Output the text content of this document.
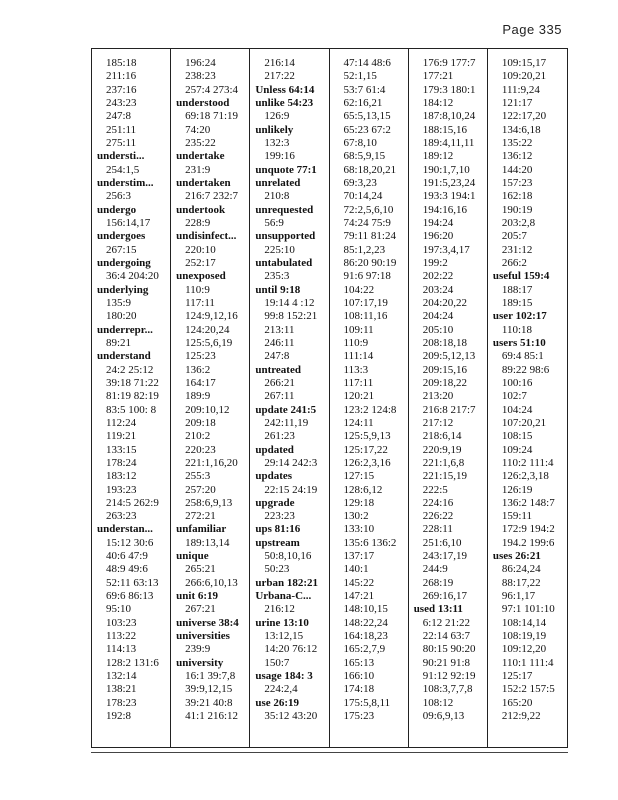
Page 335
185:18
211:16
237:16
243:23
247:8
251:11
275:11
understi...
254:1,5
understim...
256:3
undergo
156:14,17
undergoes
267:15
undergoing
36:4 204:20
underlying
135:9
180:20
underrepr...
89:21
understand
24:2 25:12
39:18 71:22
81:19 82:19
83:5 100: 8
112:24
119:21
133:15
178:24
183:12
193:23
214:5 262:9
263:23
understan...
15:12 30:6
40:6 47:9
48:9 49:6
52:11 63:13
69:6 86:13
95:10
103:23
113:22
114:13
128:2 131:6
132:14
138:21
178:23
192:8
196:24
238:23
257:4 273:4
understood
69:18 71:19
74:20
235:22
undertake
231:9
undertaken
216:7 232:7
undertook
228:9
undisinfect...
220:10
252:17
unexposed
110:9
117:11
124:9,12,16
124:20,24
125:5,6,19
125:23
136:2
164:17
189:9
209:10,12
209:18
210:2
220:23
221:1,16,20
255:3
257:20
258:6,9,13
272:21
unfamiliar
189:13,14
unique
265:21
266:6,10,13
unit 6:19
267:21
universe 38:4
universities
239:9
university
16:1 39:7,8
39:9,12,15
39:21 40:8
41:1 216:12
216:14
217:22
Unless 64:14
unlike 54:23
126:9
unlikely
132:3
199:16
unquote 77:1
unrelated
210:8
unrequested
56:9
unsupported
225:10
untabulated
235:3
until 9:18
19:14 4 :12
99:8 152:21
213:11
246:11
247:8
untreated
266:21
267:11
update 241:5
242:11,19
261:23
updated
29:14 242:3
updates
22:15 24:19
upgrade
223:23
ups 81:16
upstream
50:8,10,16
50:23
urban 182:21
Urbana-C...
216:12
urine 13:10
13:12,15
14:20 76:12
150:7
usage 184: 3
224:2,4
use 26:19
35:12 43:20
47:14 48:6
52:1,15
53:7 61:4
62:16,21
65:5,13,15
65:23 67:2
67:8,10
68:5,9,15
68:18,20,21
69:3,23
70:14,24
72:2,5,6,10
74:24 75:9
79:11 81:24
85:1,2,23
86:20 90:19
91:6 97:18
104:22
107:17,19
108:11,16
109:11
110:9
111:14
113:3
117:11
120:21
123:2 124:8
124:11
125:5,9,13
125:17,22
126:2,3,16
127:15
128:6,12
129:18
130:2
133:10
135:6 136:2
137:17
140:1
145:22
147:21
148:10,15
148:22,24
164:18,23
165:2,7,9
165:13
166:10
174:18
175:5,8,11
175:23
176:9 177:7
177:21
179:3 180:1
184:12
187:8,10,24
188:15,16
189:4,11,11
189:12
190:1,7,10
191:5,23,24
193:3 194:1
194:16,16
194:24
196:20
197:3,4,17
199:2
202:22
203:24
204:20,22
204:24
205:10
208:18,18
209:5,12,13
209:15,16
209:18,22
213:20
216:8 217:7
217:12
218:6,14
220:9,19
221:1,6,8
221:15,19
222:5
224:16
226:22
228:11
251:6,10
243:17,19
244:9
268:19
269:16,17
used 13:11
6:12 21:22
22:14 63:7
80:15 90:20
90:21 91:8
91:12 92:19
108:3,7,7,8
108:12
09:6,9,13
109:15,17
109:20,21
111:9,24
121:17
122:17,20
134:6,18
135:22
136:12
144:20
157:23
162:18
190:19
203:2,8
205:7
231:12
266:2
useful 159:4
188:17
189:15
user 102:17
110:18
users 51:10
69:4 85:1
89:22 98:6
100:16
102:7
104:24
107:20,21
108:15
109:24
110:2 111:4
126:2,3,18
126:19
136:2 148:7
159:11
172:9 194:2
194.2 199:6
uses 26:21
86:24,24
88:17,22
96:1,17
97:1 101:10
108:14,14
108:19,19
109:12,20
110:1 111:4
125:17
152:2 157:5
165:20
212:9,22
